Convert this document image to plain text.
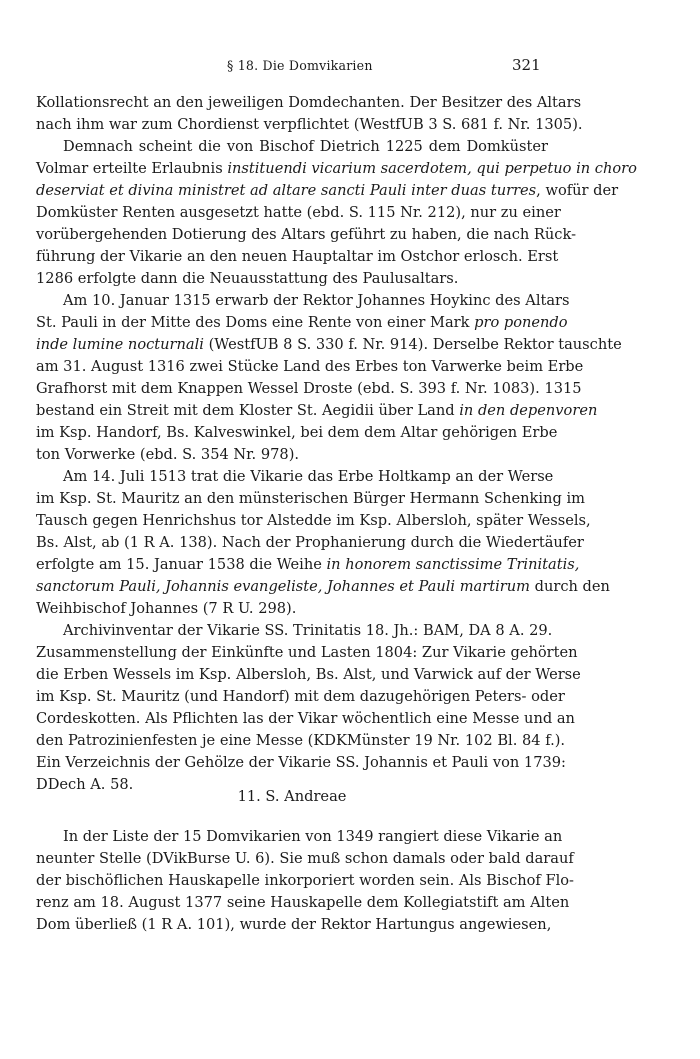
§ 18. Die Domvikarien	321
Kollationsrecht an den jeweiligen Domdechanten. Der Besitzer des Altars
nach ihm war zum Chordienst verpflichtet (WestfUB 3 S. 681 f. Nr. 1305).
Demnach scheint die von Bischof Dietrich 1225 dem Domküster
Volmar erteilte Erlaubnis instituendi vicarium sacerdotem, qui perpetuo in choro
deserviat et divina ministret ad altare sancti Pauli inter duas turres, wofür der
Domküster Renten ausgesetzt hatte (ebd. S. 115 Nr. 212), nur zu einer
vorübergehenden Dotierung des Altars geführt zu haben, die nach Rück-
führung der Vikarie an den neuen Hauptaltar im Ostchor erlosch. Erst
1286 erfolgte dann die Neuausstattung des Paulusaltars.
Am 10. Januar 1315 erwarb der Rektor Johannes Hoykinc des Altars
St. Pauli in der Mitte des Doms eine Rente von einer Mark pro ponendo
inde lumine nocturnali (WestfUB 8 S. 330 f. Nr. 914). Derselbe Rektor tauschte
am 31. August 1316 zwei Stücke Land des Erbes ton Varwerke beim Erbe
Grafhorst mit dem Knappen Wessel Droste (ebd. S. 393 f. Nr. 1083). 1315
bestand ein Streit mit dem Kloster St. Aegidii über Land in den depenvoren
im Ksp. Handorf, Bs. Kalveswinkel, bei dem dem Altar gehörigen Erbe
ton Vorwerke (ebd. S. 354 Nr. 978).
Am 14. Juli 1513 trat die Vikarie das Erbe Holtkamp an der Werse
im Ksp. St. Mauritz an den münsterischen Bürger Hermann Schenking im
Tausch gegen Henrichshus tor Alstedde im Ksp. Albersloh, später Wessels,
Bs. Alst, ab (1 R A. 138). Nach der Prophanierung durch die Wiedertäufer
erfolgte am 15. Januar 1538 die Weihe in honorem sanctissime Trinitatis,
sanctorum Pauli, Johannis evangeliste, Johannes et Pauli martirum durch den
Weihbischof Johannes (7 R U. 298).
Archivinventar der Vikarie SS. Trinitatis 18. Jh.: BAM, DA 8 A. 29.
Zusammenstellung der Einkünfte und Lasten 1804: Zur Vikarie gehörten
die Erben Wessels im Ksp. Albersloh, Bs. Alst, und Varwick auf der Werse
im Ksp. St. Mauritz (und Handorf) mit dem dazugehörigen Peters- oder
Cordeskotten. Als Pflichten las der Vikar wöchentlich eine Messe und an
den Patrozinienfesten je eine Messe (KDKMünster 19 Nr. 102 Bl. 84 f.).
Ein Verzeichnis der Gehölze der Vikarie SS. Johannis et Pauli von 1739:
DDech A. 58.
11. S. Andreae
In der Liste der 15 Domvikarien von 1349 rangiert diese Vikarie an
neunter Stelle (DVikBurse U. 6). Sie muß schon damals oder bald darauf
der bischöflichen Hauskapelle inkorporiert worden sein. Als Bischof Flo-
renz am 18. August 1377 seine Hauskapelle dem Kollegiatstift am Alten
Dom überließ (1 R A. 101), wurde der Rektor Hartungus angewiesen,
